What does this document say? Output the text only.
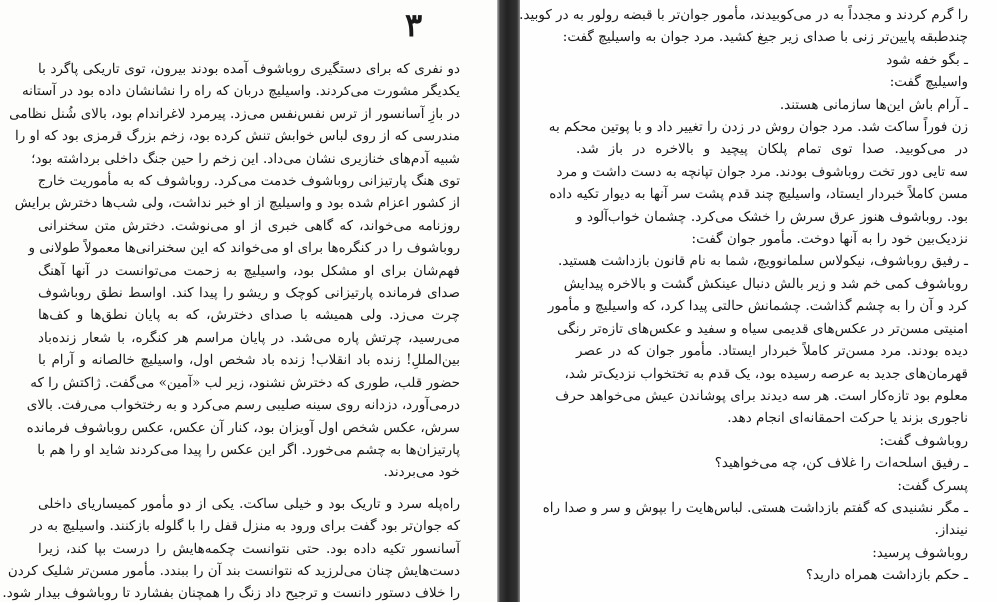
۳
دو نفری که برای دستگیری روباشوف آمده بودند بیرون، توی تاریکی پاگرد با
یکدیگر مشورت می‌کردند. واسیلیچ دربان که راه را نشانشان داده بود در آستانه
در بازِ آسانسور از ترس نفس‌نفس می‌زد. پیرمرد لاغراندام بود، بالای شُنل نظامی
مندرسی که از روی لباس خوابش تنش کرده بود، زخم بزرگ قرمزی بود که او را
شبیه آدم‌های خنازیری نشان می‌داد. این زخم را حین جنگ داخلی برداشته بود؛
توی هنگ پارتیزانی روباشوف خدمت می‌کرد. روباشوف که به مأموریت خارج
از کشور اعزام شده بود و واسیلیچ از او خبر نداشت، ولی شب‌ها دخترش برایش
روزنامه می‌خواند، که گاهی خبری از او می‌نوشت. دخترش متن سخنرانی
روباشوف را در کنگره‌ها برای او می‌خواند که این سخنرانی‌ها معمولاً طولانی و
فهم‌شان برای او مشکل بود، واسیلیچ به زحمت می‌توانست در آنها آهنگ
صدای فرمانده پارتیزانی کوچک و ریشو را پیدا کند. اواسط نطق روباشوف
چرت می‌زد. ولی همیشه با صدای دخترش، که به پایان نطق‌ها و کف‌ها
می‌رسید، چرتش پاره می‌شد. در پایان مراسم هر کنگره، با شعار زنده‌باد
بین‌المللِ! زنده باد انقلاب! زنده باد شخص اول، واسیلیچ خالصانه و آرام با
حضور قلب، طوری که دخترش نشنود، زیر لب «آمین» می‌گفت. ژاکتش را که
درمی‌آورد، دزدانه روی سینه صلیبی رسم می‌کرد و به رختخواب می‌رفت. بالای
سرش، عکس شخص اول آویزان بود، کنار آن عکس، عکس روباشوف فرمانده
پارتیزان‌ها به چشم می‌خورد. اگر این عکس را پیدا می‌کردند شاید او را هم با
خود می‌بردند.
راه‌پله سرد و تاریک بود و خیلی ساکت. یکی از دو مأمور کمیساریای داخلی
که جوان‌تر بود گفت برای ورود به منزل قفل را با گلوله بازکنند. واسیلیچ به در
آسانسور تکیه داده بود. حتی نتوانست چکمه‌هایش را درست بپا کند، زیرا
دست‌هایش چنان می‌لرزید که نتوانست بند آن را ببندد. مأمور مسن‌تر شلیک کردن
را خلاف دستور دانست و ترجیح داد زنگ را همچنان بفشارد تا روباشوف بیدار شود.
را گرم کردند و مجدداً به در می‌کوبیدند، مأمور جوان‌تر با قبضه رولور به در کوبید.
چندطبقه پایین‌تر زنی با صدای زیر جیغ کشید. مرد جوان به واسیلیچ گفت:
ـ بگو خفه شود
واسیلیچ گفت:
ـ آرام باش این‌ها سازمانی هستند.
زن فوراً ساکت شد. مرد جوان روش در زدن را تغییر داد و با پوتین محکم به
در می‌کوبید. صدا توی تمام پلکان پیچید و بالاخره در باز شد.
سه تایی دور تخت روباشوف بودند. مرد جوان تپانچه به دست داشت و مرد
مسن کاملاً خبردار ایستاد، واسیلیچ چند قدم پشت سر آنها به دیوار تکیه داده
بود. روباشوف هنوز عرق سرش را خشک می‌کرد. چشمان خواب‌آلود و
نزدیک‌بین خود را به آنها دوخت. مأمور جوان گفت:
ـ رفیق روباشوف، نیکولاس سلمانوویچ، شما به نام قانون بازداشت هستید.
روباشوف کمی خم شد و زیر بالش دنبال عینکش گشت و بالاخره پیدایش
کرد و آن را به چشم گذاشت. چشمانش حالتی پیدا کرد، که واسیلیچ و مأمور
امنیتی مسن‌تر در عکس‌های قدیمی سیاه و سفید و عکس‌های تازه‌تر رنگی
دیده بودند. مرد مسن‌تر کاملاً خبردار ایستاد. مأمور جوان که در عصر
قهرمان‌های جدید به عرصه رسیده بود، یک قدم به تختخواب نزدیک‌تر شد،
معلوم بود تازه‌کار است. هر سه دیدند برای پوشاندن عیش می‌خواهد حرف
ناجوری بزند یا حرکت احمقانه‌ای انجام دهد.
روباشوف گفت:
ـ رفیق اسلحه‌ات را غلاف کن، چه می‌خواهید؟
پسرک گفت:
ـ مگر نشنیدی که گفتم بازداشت هستی. لباس‌هایت را بپوش و سر و صدا راه
نینداز.
روباشوف پرسید:
ـ حکم بازداشت همراه دارید؟
